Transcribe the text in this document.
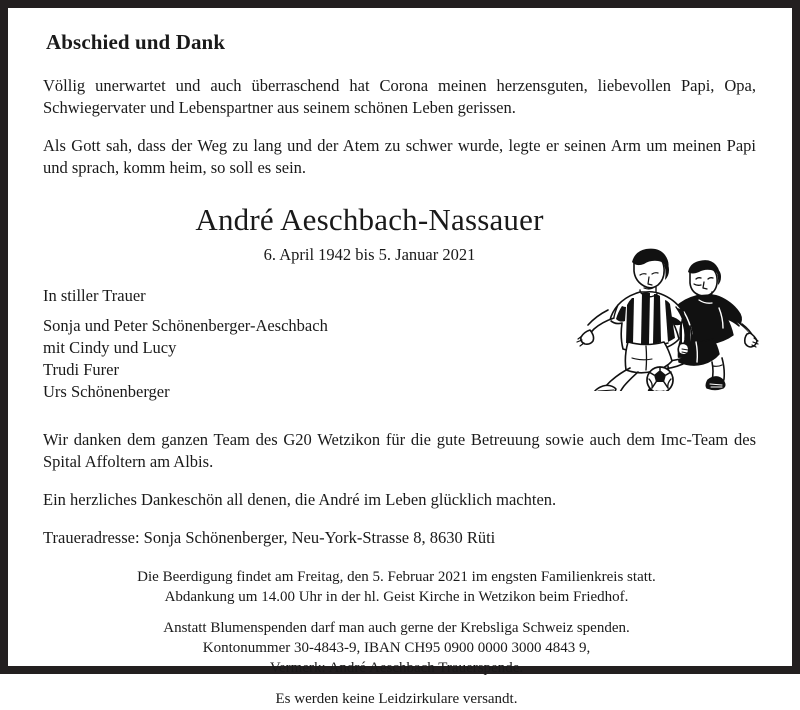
Abschied und Dank

Völlig unerwartet und auch überraschend hat Corona meinen herzensguten, liebevollen Papi, Opa, Schwiegervater und Lebenspartner aus seinem schönen Leben gerissen.

Als Gott sah, dass der Weg zu lang und der Atem zu schwer wurde, legte er seinen Arm um meinen Papi und sprach, komm heim, so soll es sein.

André Aeschbach-Nassauer
6. April 1942 bis 5. Januar 2021
In stiller Trauer
Sonja und Peter Schönenberger-Aeschbach
mit Cindy und Lucy
Trudi Furer
Urs Schönenberger

Wir danken dem ganzen Team des G20 Wetzikon für die gute Betreuung sowie auch dem Imc-Team des Spital Affoltern am Albis.

Ein herzliches Dankeschön all denen, die André im Leben glücklich machten.

Traueradresse: Sonja Schönenberger, Neu-York-Strasse 8, 8630 Rüti

Die Beerdigung findet am Freitag, den 5. Februar 2021 im engsten Familienkreis statt.
Abdankung um 14.00 Uhr in der hl. Geist Kirche in Wetzikon beim Friedhof.
Anstatt Blumenspenden darf man auch gerne der Krebsliga Schweiz spenden.
Kontonummer 30-4843-9, IBAN CH95 0900 0000 3000 4843 9,
Vermerk: André Aeschbach Trauerspende.
Es werden keine Leidzirkulare versandt.
